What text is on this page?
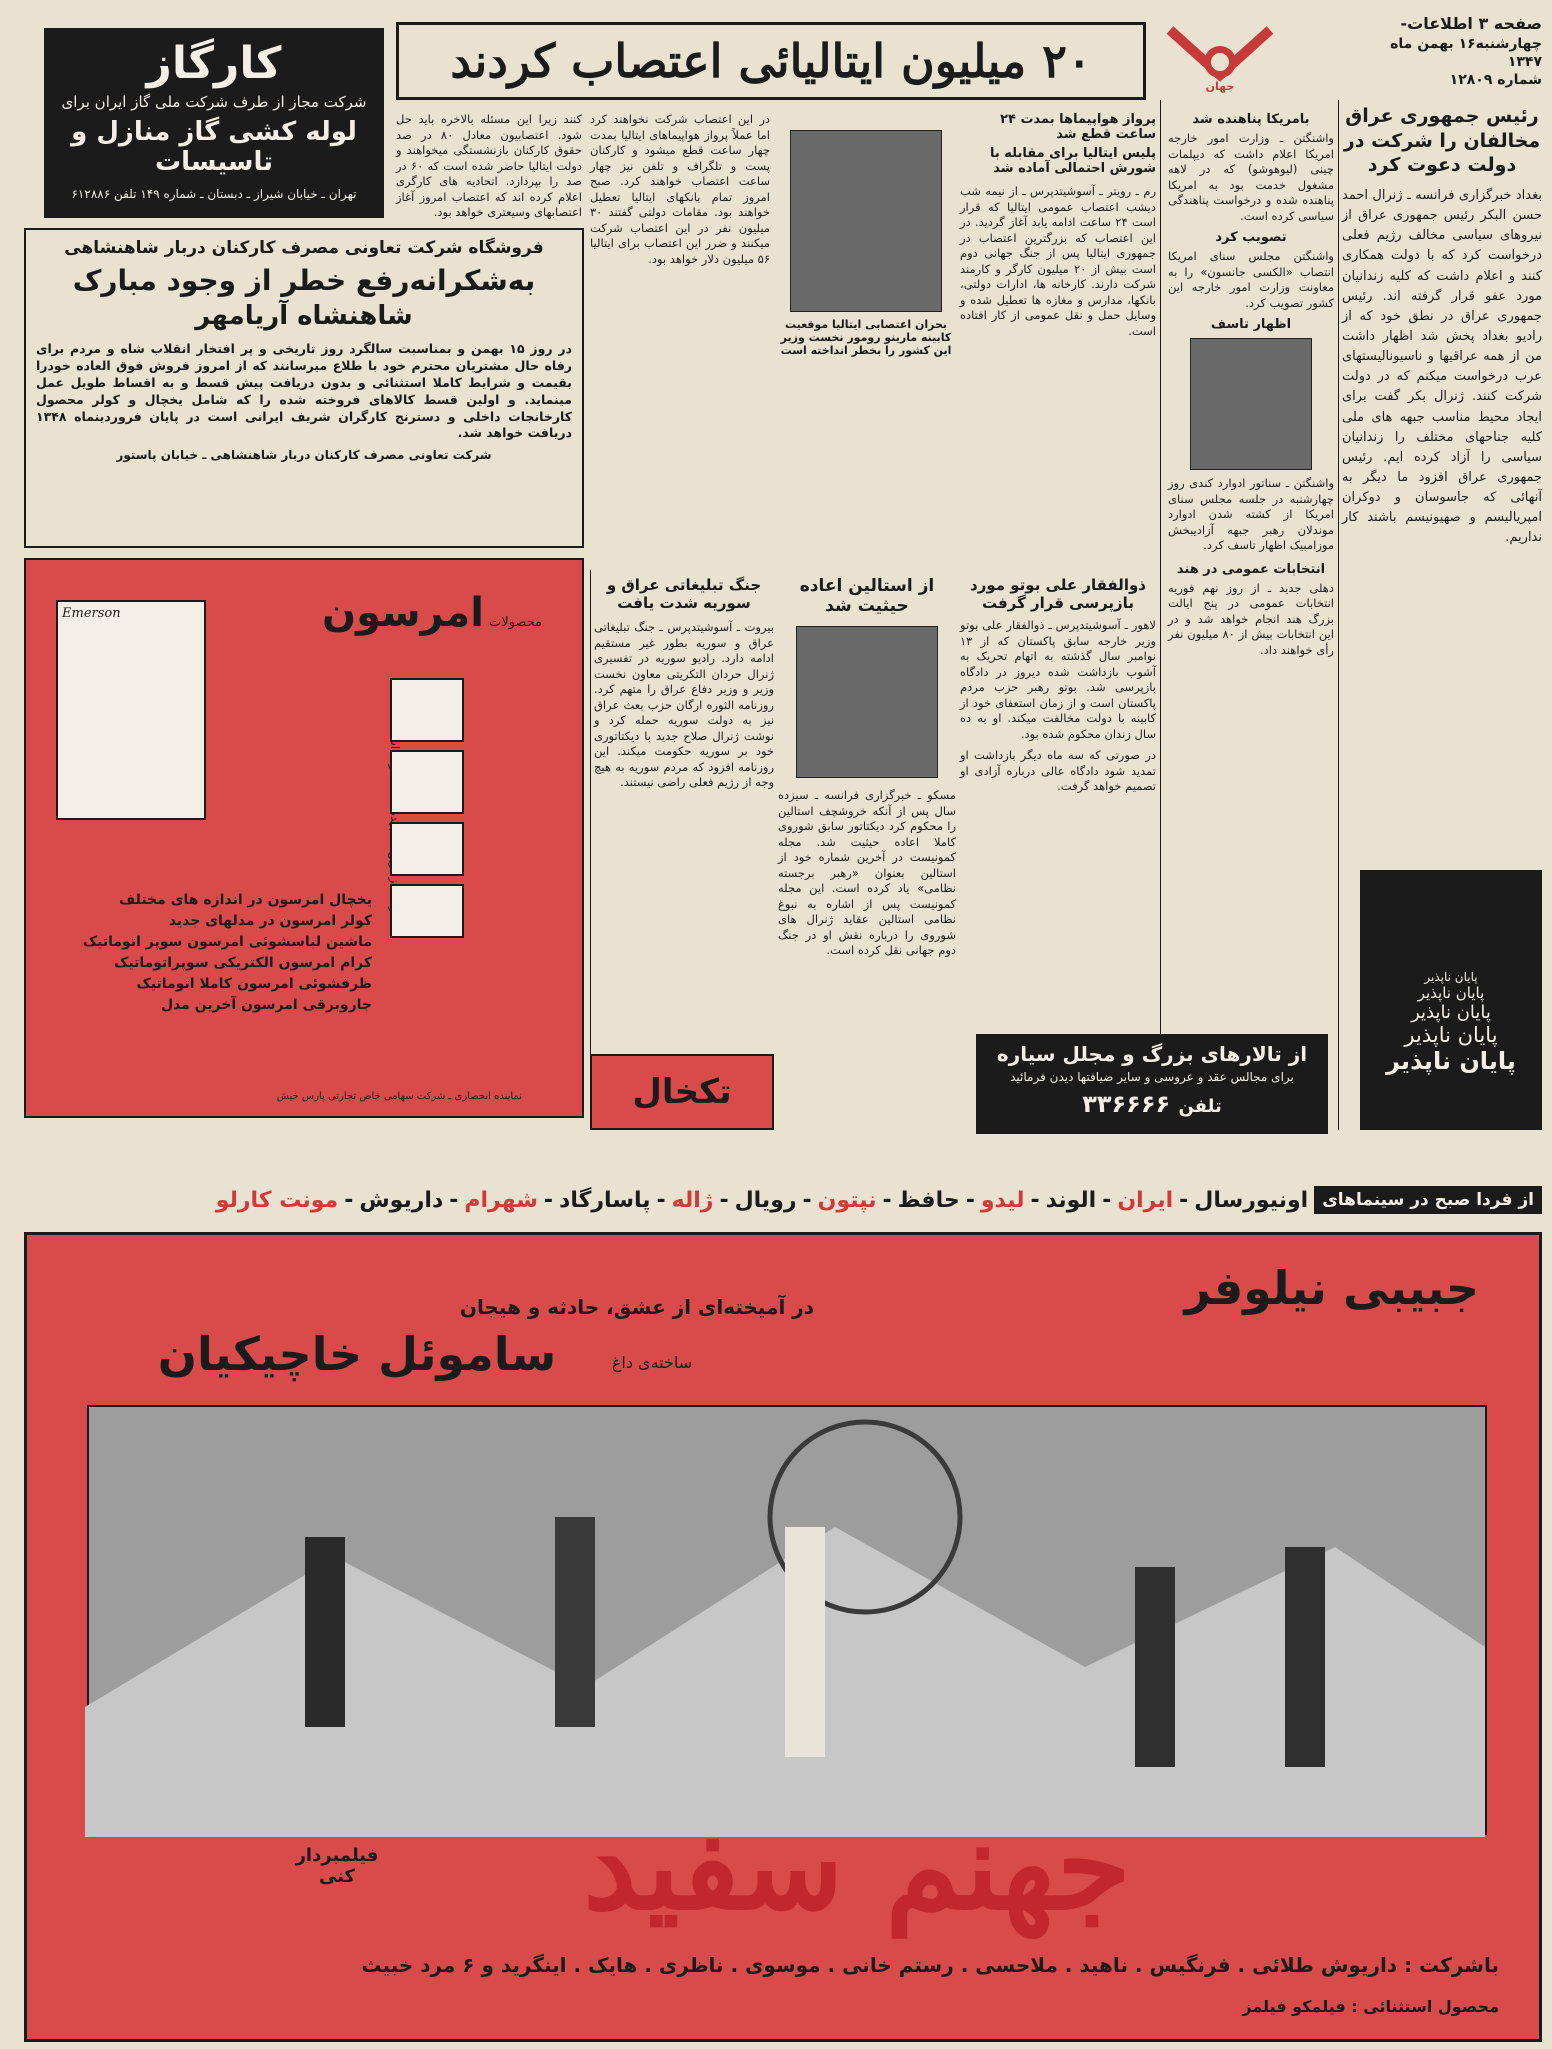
صفحه ۳ اطلاعات-
چهارشنبه۱۶ بهمن ماه ۱۳۴۷
شماره ۱۲۸۰۹
جهان
۲۰ میلیون ایتالیائی اعتصاب کردند
کارگاز
شرکت مجاز از طرف شرکت ملی گاز ایران برای
لوله کشی گاز منازل و تاسیسات
تهران ـ خیابان شیراز ـ دبستان ـ شماره ۱۴۹ تلفن ۶۱۲۸۸۶
رئیس جمهوری عراق مخالفان را شرکت در دولت دعوت کرد
بغداد خبرگزاری فرانسه ـ ژنرال احمد حسن البکر رئیس جمهوری عراق از نیروهای سیاسی مخالف رژیم فعلی درخواست کرد که با دولت همکاری کنند و اعلام داشت که کلیه زندانیان مورد عفو قرار گرفته اند. رئیس جمهوری عراق در نطق خود که از رادیو بغداد پخش شد اظهار داشت من از همه عراقیها و ناسیونالیستهای عرب درخواست میکنم که در دولت شرکت کنند. ژنرال بکر گفت برای ایجاد محیط مناسب جبهه های ملی کلیه جناحهای مختلف را زندانیان سیاسی را آزاد کرده ایم. رئیس جمهوری عراق افزود ما دیگر به آنهائی که جاسوسان و دوکران امپریالیسم و صهیونیسم باشند کار نداریم.
بامریکا پناهنده شد
واشنگتن ـ وزارت امور خارجه امریکا اعلام داشت که دیپلمات چینی (لیوهوشو) که در لاهه مشغول خدمت بود به امریکا پناهنده شده و درخواست پناهندگی سیاسی کرده است.
تصویب کرد
واشنگتن مجلس سنای امریکا انتصاب «الکسی جانسون» را به معاونت وزارت امور خارجه این کشور تصویب کرد.
اظهار تاسف
واشنگتن ـ سناتور ادوارد کندی روز چهارشنبه در جلسه مجلس سنای امریکا از کشته شدن ادوارد موندلان رهبر جبهه آزادیبخش موزامبیک اظهار تاسف کرد.
انتخابات عمومی در هند
دهلی جدید ـ از روز نهم فوریه انتخابات عمومی در پنج ایالت بزرگ هند انجام خواهد شد و در این انتخابات بیش از ۸۰ میلیون نفر رأی خواهند داد.
پرواز هواپیماها بمدت ۲۴ ساعت قطع شد
پلیس ایتالیا برای مقابله با شورش احتمالی آماده شد
رم ـ رویتر ـ آسوشیتدپرس ـ از نیمه شب دیشب اعتصاب عمومی ایتالیا که قرار است ۲۴ ساعت ادامه یابد آغاز گردید. در این اعتصاب که بزرگترین اعتصاب در جمهوری ایتالیا پس از جنگ جهانی دوم است بیش از ۲۰ میلیون کارگر و کارمند شرکت دارند. کارخانه ها، ادارات دولتی، بانکها، مدارس و مغازه ها تعطیل شده و وسایل حمل و نقل عمومی از کار افتاده است.
بحران اعتصابی ایتالیا موقعیت کابینه مارینو رومور نخست وزیر این کشور را بخطر انداخته است
در این اعتصاب شرکت نخواهند کرد اما عملاً پرواز هواپیماهای ایتالیا بمدت چهار ساعت قطع میشود و کارکنان پست و تلگراف و تلفن نیز چهار ساعت اعتصاب خواهند کرد. صبح امروز تمام بانکهای ایتالیا تعطیل خواهند بود. مقامات دولتی گفتند ۳۰ میلیون نفر در این اعتصاب شرکت میکنند و ضرر این اعتصاب برای ایتالیا ۵۶ میلیون دلار خواهد بود.
کنند زیرا این مسئله بالاخره باید حل شود. اعتصابیون معادل ۸۰ در صد حقوق کارکنان بازنشستگی میخواهند و دولت ایتالیا حاضر شده است که ۶۰ در صد را بپردازد. اتحادیه های کارگری اعلام کرده اند که اعتصاب امروز آغاز اعتصابهای وسیعتری خواهد بود.
فروشگاه شرکت تعاونی مصرف کارکنان دربار شاهنشاهی
به‌شکرانه‌رفع خطر از وجود مبارک
شاهنشاه آریامهر
در روز ۱۵ بهمن و بمناسبت سالگرد روز تاریخی و پر افتخار انقلاب شاه و مردم برای رفاه حال مشتریان محترم خود با طلاع میرسانند که از امروز فروش فوق العاده خودرا بقیمت و شرایط کاملا استثنائی و بدون دریافت پیش قسط و به اقساط طویل عمل مینماید. و اولین قسط کالاهای فروخته شده را که شامل یخچال و کولر محصول کارخانجات داخلی و دسترنج کارگران شریف ایرانی است در پایان فروردینماه ۱۳۴۸ دریافت خواهد شد.
شرکت تعاونی مصرف کارکنان دربار شاهنشاهی ـ خیابان پاستور
محصولات امرسون
Emerson
یخچال امرسون در اندازه های مختلف
کولر امرسون در مدلهای جدید
ماشین لباسشوئی امرسون سوپر اتوماتیک
کرام امرسون الکتریکی سوپراتوماتیک
ظرفشوئی امرسون کاملا اتوماتیک
جاروبرقی امرسون آخرین مدل
نماینده انحصاری ـ شرکت سهامی خاص تجارتی پارس خیش
جنگ تبلیغاتی عراق و سوریه شدت یافت
بیروت ـ آسوشیتدپرس ـ جنگ تبلیغاتی عراق و سوریه بطور غیر مستقیم ادامه دارد. رادیو سوریه در تفسیری ژنرال حردان التکریتی معاون نخست وزیر و وزیر دفاع عراق را متهم کرد. روزنامه الثوره ارگان حزب بعث عراق نیز به دولت سوریه حمله کرد و نوشت ژنرال صلاح جدید با دیکتاتوری خود بر سوریه حکومت میکند. این روزنامه افزود که مردم سوریه به هیچ وجه از رژیم فعلی راضی نیستند.
از استالین اعاده حیثیت شد
مسکو ـ خبرگزاری فرانسه ـ سیزده سال پس از آنکه خروشچف استالین را محکوم کرد دیکتاتور سابق شوروی کاملا اعاده حیثیت شد. مجله کمونیست در آخرین شماره خود از استالین بعنوان «رهبر برجسته نظامی» یاد کرده است. این مجله کمونیست پس از اشاره به نبوغ نظامی استالین عقاید ژنرال های شوروی را درباره نقش او در جنگ دوم جهانی نقل کرده است.
ذوالفقار علی بوتو مورد بازپرسی قرار گرفت
لاهور ـ آسوشیتدپرس ـ ذوالفقار علی بوتو وزیر خارجه سابق پاکستان که از ۱۳ نوامبر سال گذشته به اتهام تحریک به آشوب بازداشت شده دیروز در دادگاه بازپرسی شد. بوتو رهبر حزب مردم پاکستان است و از زمان استعفای خود از کابینه با دولت مخالفت میکند. او به ده سال زندان محکوم شده بود.
در صورتی که سه ماه دیگر بازداشت او تمدید شود دادگاه عالی درباره آزادی او تصمیم خواهد گرفت.
تکخال
از تالارهای بزرگ و مجلل سیاره
برای مجالس عقد و عروسی و سایر ضیافتها دیدن فرمائید
تلفن ۳۳۶۶۶۶
پایان ناپذیر
پایان ناپذیر
پایان ناپذیر
پایان ناپذیر
پایان ناپذیر
از فردا صبح در سینماهای
اونیورسال
-
ایران
-
الوند
-
لیدو
-
حافظ
-
نپتون
-
رویال
-
ژاله
-
پاسارگاد
-
شهرام
-
داریوش
-
مونت کارلو
جبیبی نیلوفر
در آمیخته‌ای از عشق، حادثه و هیجان
ساخته‌ی داغ
ساموئل خاچیکیان
جهنم سفید
فیلمبردار کنی
باشرکت : داریوش طلائی . فرنگیس . ناهید . ملاحسی . رستم خانی . موسوی . ناظری . هایک . اینگرید و ۶ مرد خبیث
محصول استثنائی : فیلمکو فیلمز
